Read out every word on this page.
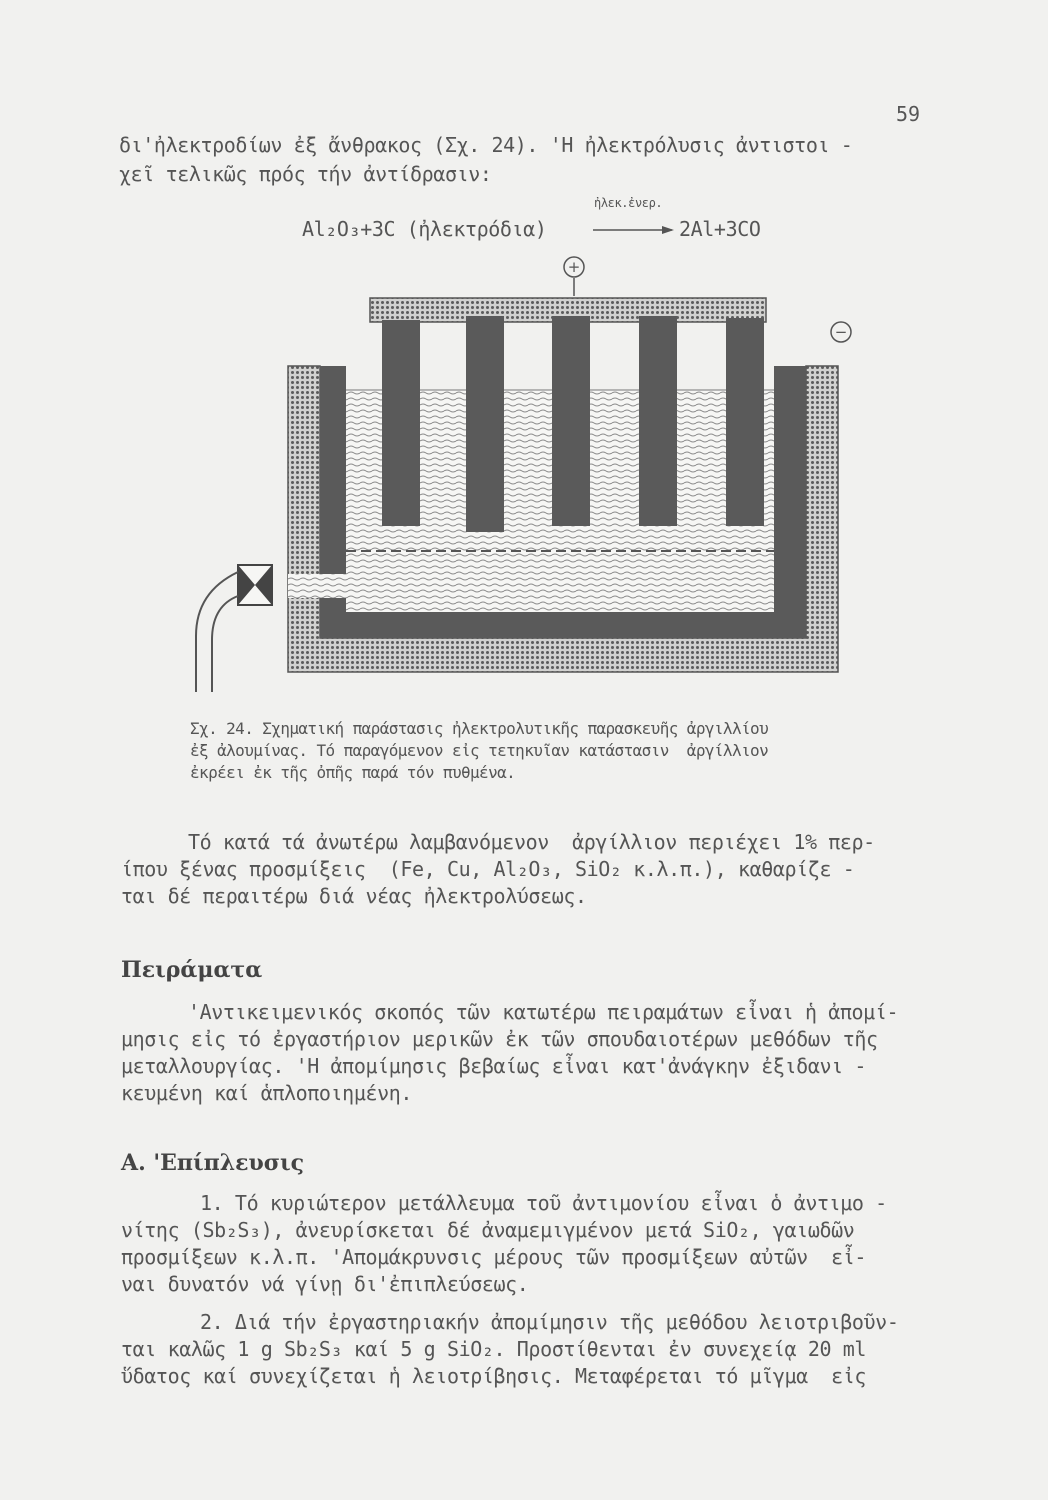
59
δι'ἠλεκτροδίων ἐξ ἄνθρακος (Σχ. 24). 'Η ἠλεκτρόλυσις ἀντιστοι -
χεῖ τελικῶς πρός τήν ἀντίδρασιν:
Al₂O₃+3C (ἠλεκτρόδια)
ἠλεκ.ἐνερ.
2Al+3CO
+
−
Σχ. 24. Σχηματική παράστασις ἠλεκτρολυτικῆς παρασκευῆς ἀργιλλίου
ἐξ ἀλουμίνας. Τό παραγόμενον εἰς τετηκυῖαν κατάστασιν  ἀργίλλιον
ἐκρέει ἐκ τῆς ὀπῆς παρά τόν πυθμένα.
Τό κατά τά ἀνωτέρω λαμβανόμενον  ἀργίλλιον περιέχει 1% περ-
ίπου ξένας προσμίξεις  (Fe, Cu, Al₂O₃, SiO₂ κ.λ.π.), καθαρίζε -
ται δέ περαιτέρω διά νέας ἠλεκτρολύσεως.
Πειράματα
'Αντικειμενικός σκοπός τῶν κατωτέρω πειραμάτων εἶναι ἡ ἀπομί-
μησις εἰς τό ἐργαστήριον μερικῶν ἐκ τῶν σπουδαιοτέρων μεθόδων τῆς
μεταλλουργίας. 'Η ἀπομίμησις βεβαίως εἶναι κατ'ἀνάγκην ἐξιδανι -
κευμένη καί ἁπλοποιημένη.
Α. 'Επίπλευσις
1. Τό κυριώτερον μετάλλευμα τοῦ ἀντιμονίου εἶναι ὁ ἀντιμο -
νίτης (Sb₂S₃), ἀνευρίσκεται δέ ἀναμεμιγμένον μετά SiO₂, γαιωδῶν
προσμίξεων κ.λ.π. 'Απομάκρυνσις μέρους τῶν προσμίξεων αὐτῶν  εἶ-
ναι δυνατόν νά γίνῃ δι'ἐπιπλεύσεως.
2. Διά τήν ἐργαστηριακήν ἀπομίμησιν τῆς μεθόδου λειοτριβοῦν-
ται καλῶς 1 g Sb₂S₃ καί 5 g SiO₂. Προστίθενται ἐν συνεχείᾳ 20 ml
ὕδατος καί συνεχίζεται ἡ λειοτρίβησις. Μεταφέρεται τό μῖγμα  εἰς
